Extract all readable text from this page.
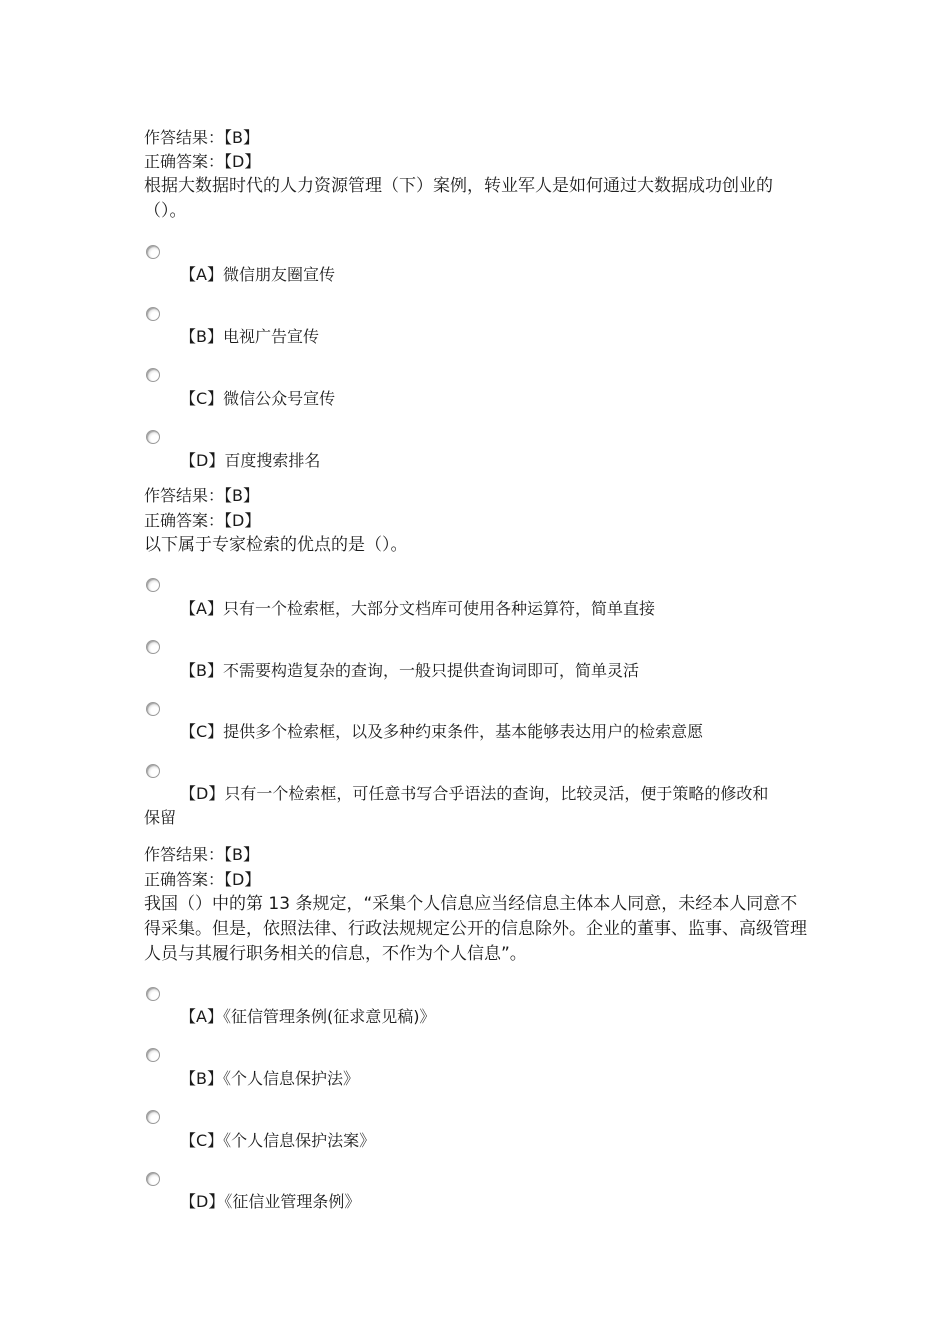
作答结果：【B】
正确答案：【D】
根据大数据时代的人力资源管理（下）案例，转业军人是如何通过大数据成功创业的（）。
【A】微信朋友圈宣传
【B】电视广告宣传
【C】微信公众号宣传
【D】百度搜索排名
作答结果：【B】
正确答案：【D】
以下属于专家检索的优点的是（）。
【A】只有一个检索框，大部分文档库可使用各种运算符，简单直接
【B】不需要构造复杂的查询，一般只提供查询词即可，简单灵活
【C】提供多个检索框，以及多种约束条件，基本能够表达用户的检索意愿
【D】只有一个检索框，可任意书写合乎语法的查询，比较灵活，便于策略的修改和
保留
作答结果：【B】
正确答案：【D】
我国（）中的第 13 条规定，“采集个人信息应当经信息主体本人同意，未经本人同意不得采集。但是，依照法律、行政法规规定公开的信息除外。企业的董事、监事、高级管理人员与其履行职务相关的信息，不作为个人信息”。
【A】《征信管理条例(征求意见稿)》
【B】《个人信息保护法》
【C】《个人信息保护法案》
【D】《征信业管理条例》
